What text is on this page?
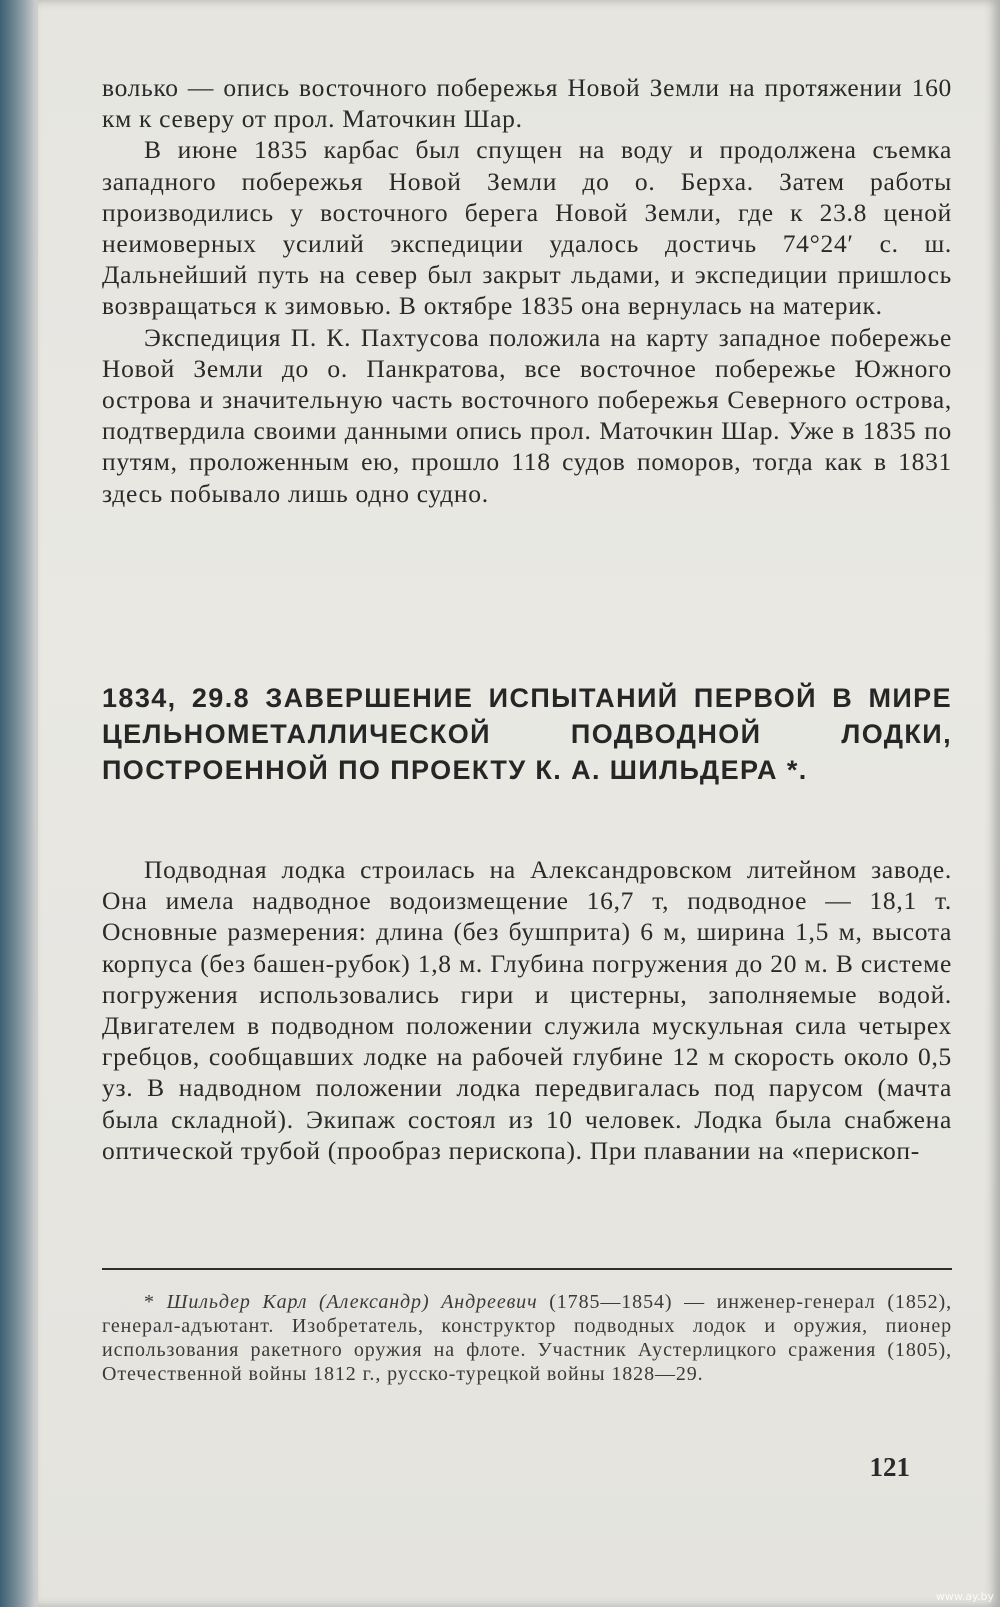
волько — опись восточного побережья Новой Земли на протяжении 160 км к северу от прол. Маточкин Шар.

В июне 1835 карбас был спущен на воду и продолжена съемка западного побережья Новой Земли до о. Берха. Затем работы производились у восточного берега Новой Земли, где к 23.8 ценой неимоверных усилий экспедиции удалось достичь 74°24′ с. ш. Дальнейший путь на север был закрыт льдами, и экспедиции пришлось возвращаться к зимовью. В октябре 1835 она вернулась на материк.

Экспедиция П. К. Пахтусова положила на карту западное побережье Новой Земли до о. Панкратова, все восточное побережье Южного острова и значительную часть восточного побережья Северного острова, подтвердила своими данными опись прол. Маточкин Шар. Уже в 1835 по путям, проложенным ею, прошло 118 судов поморов, тогда как в 1831 здесь побывало лишь одно судно.

1834, 29.8 ЗАВЕРШЕНИЕ ИСПЫТАНИЙ ПЕРВОЙ В МИРЕ ЦЕЛЬНОМЕТАЛЛИЧЕСКОЙ ПОДВОДНОЙ ЛОДКИ, ПОСТРОЕННОЙ ПО ПРОЕКТУ К. А. ШИЛЬДЕРА *.

Подводная лодка строилась на Александровском литейном заводе. Она имела надводное водоизмещение 16,7 т, подводное — 18,1 т. Основные размерения: длина (без бушприта) 6 м, ширина 1,5 м, высота корпуса (без башен-рубок) 1,8 м. Глубина погружения до 20 м. В системе погружения использовались гири и цистерны, заполняемые водой. Двигателем в подводном положении служила мускульная сила четырех гребцов, сообщавших лодке на рабочей глубине 12 м скорость около 0,5 уз. В надводном положении лодка передвигалась под парусом (мачта была складной). Экипаж состоял из 10 человек. Лодка была снабжена оптической трубой (прообраз перископа). При плавании на «перископ-

* Шильдер Карл (Александр) Андреевич (1785—1854) — инженер-генерал (1852), генерал-адъютант. Изобретатель, конструктор подводных лодок и оружия, пионер использования ракетного оружия на флоте. Участник Аустерлицкого сражения (1805), Отечественной войны 1812 г., русско-турецкой войны 1828—29.

121
www.ay.by
